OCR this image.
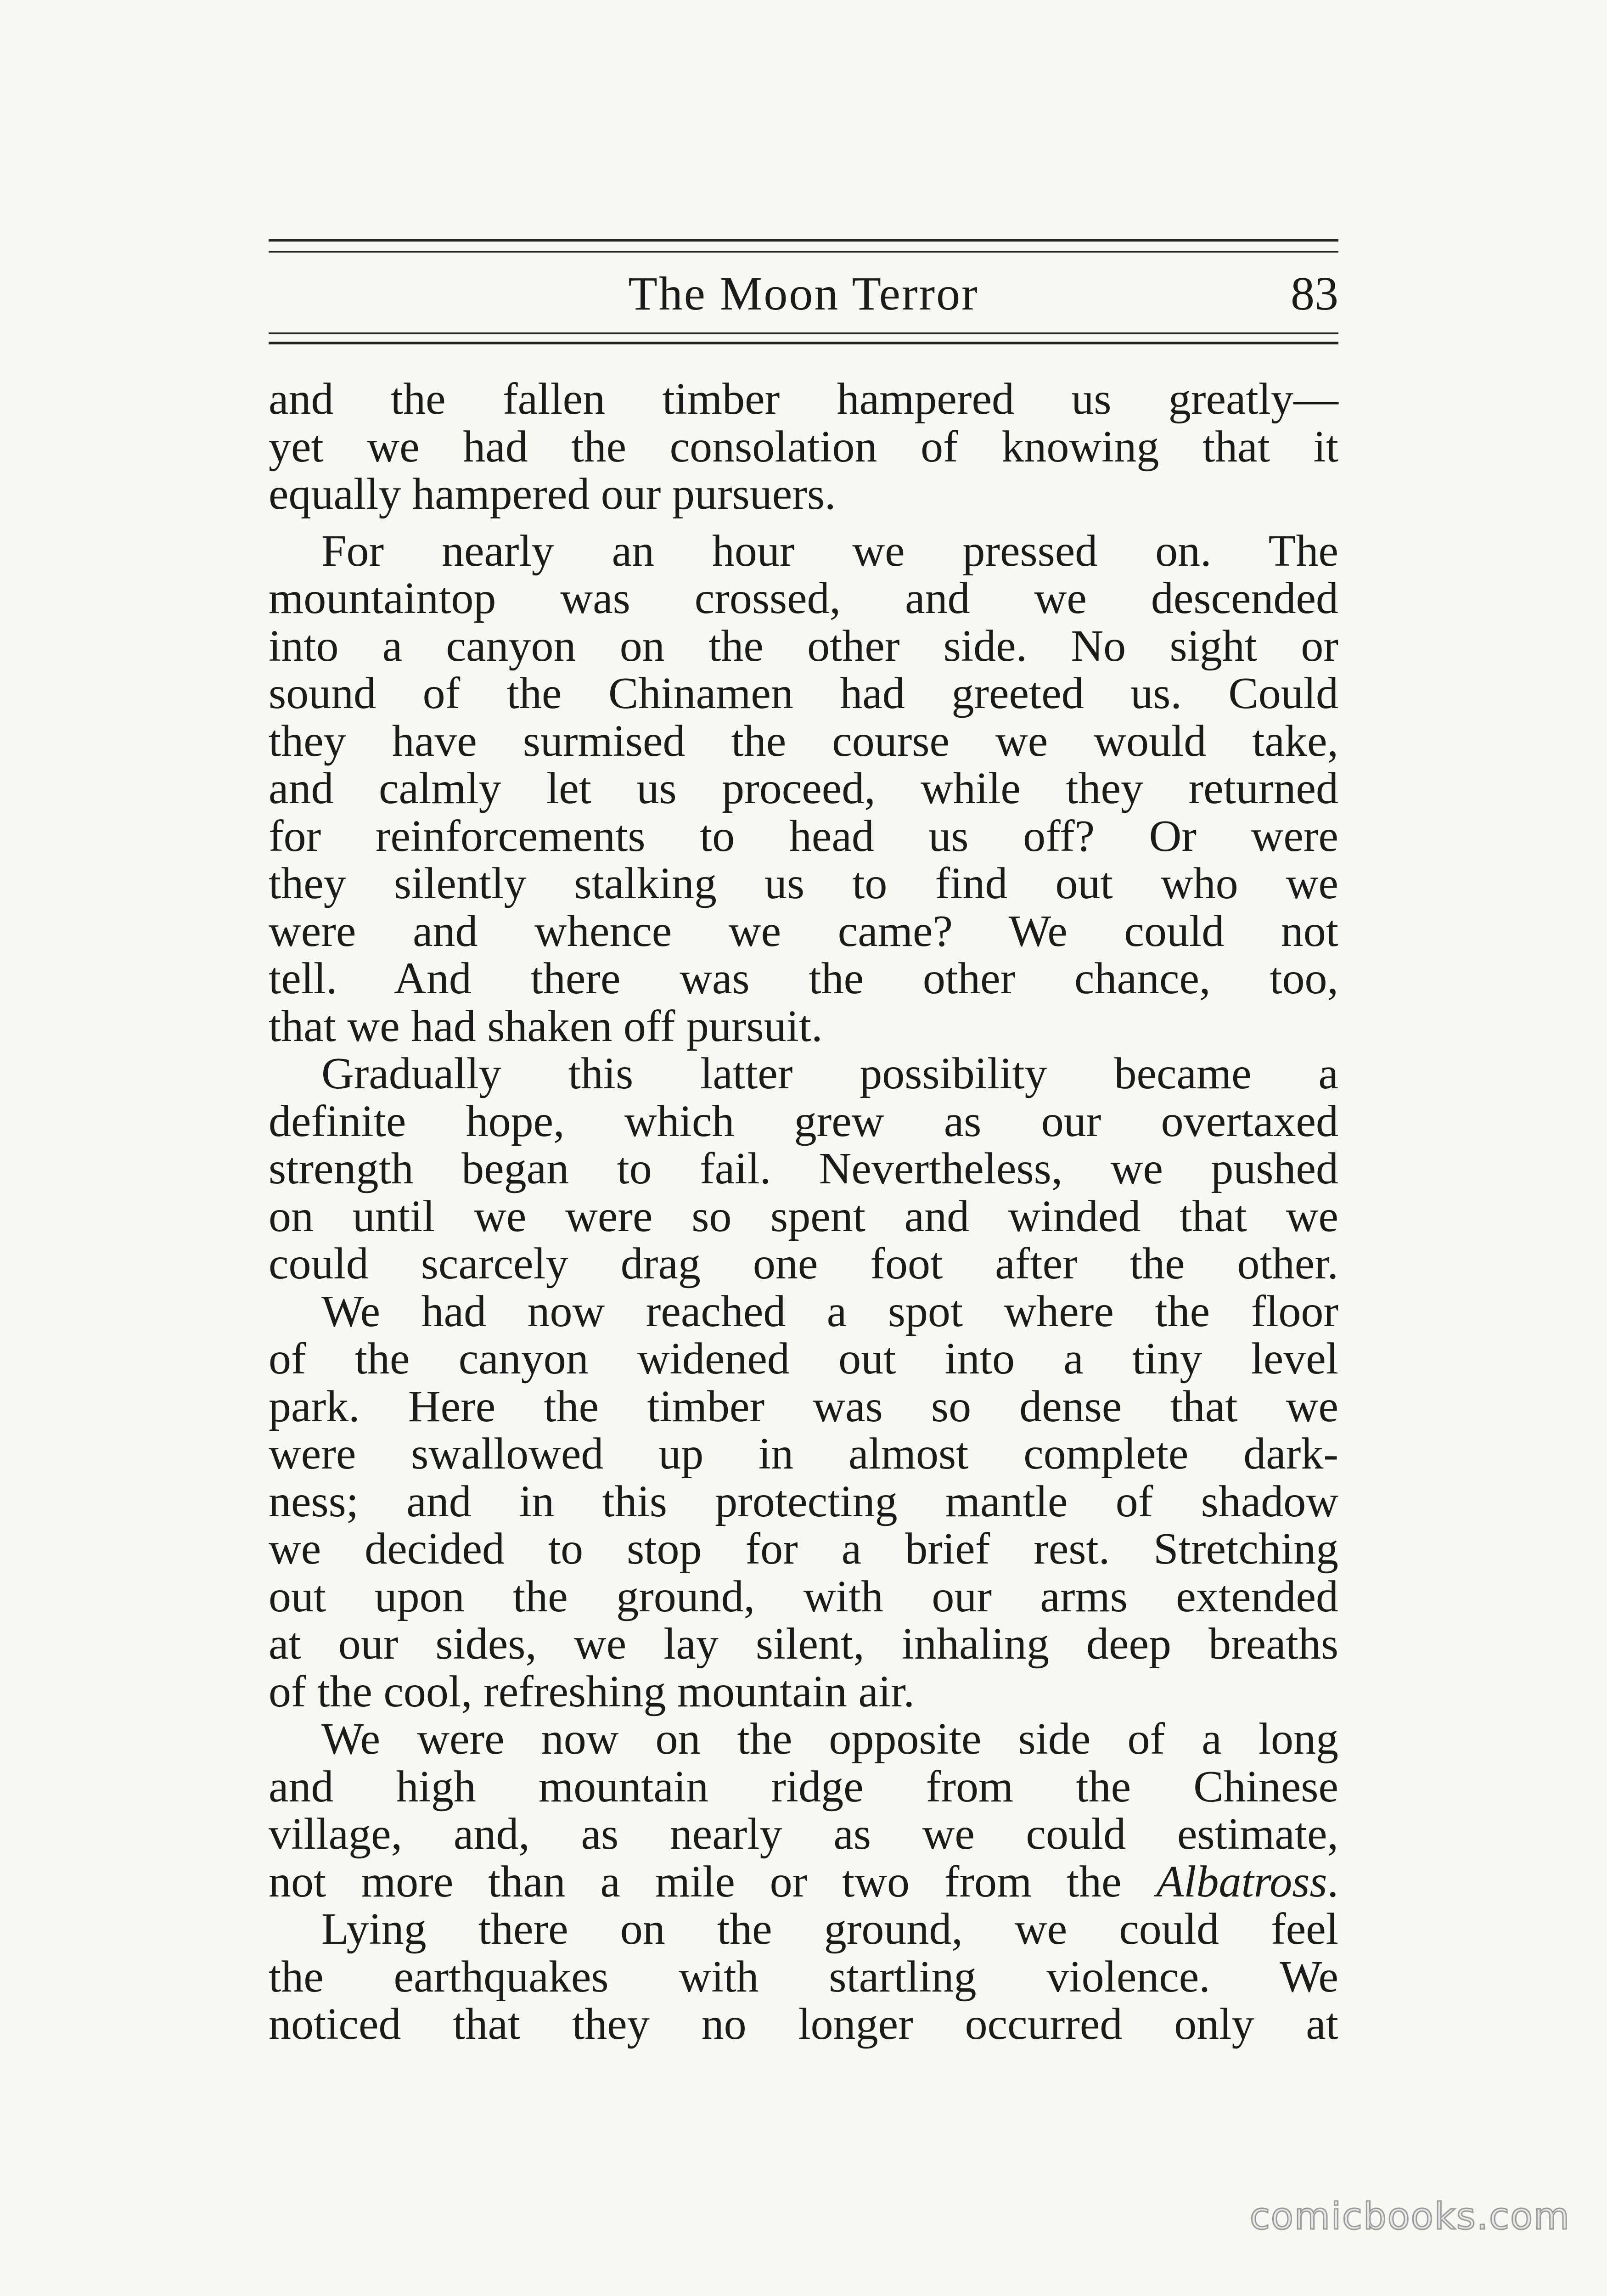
The Moon Terror	83
and the fallen timber hampered us greatly—
yet we had the consolation of knowing that it
equally hampered our pursuers.
For nearly an hour we pressed on. The
mountaintop was crossed, and we descended
into a canyon on the other side. No sight or
sound of the Chinamen had greeted us. Could
they have surmised the course we would take,
and calmly let us proceed, while they returned
for reinforcements to head us off? Or were
they silently stalking us to find out who we
were and whence we came? We could not
tell. And there was the other chance, too,
that we had shaken off pursuit.
Gradually this latter possibility became a
definite hope, which grew as our overtaxed
strength began to fail. Nevertheless, we pushed
on until we were so spent and winded that we
could scarcely drag one foot after the other.
We had now reached a spot where the floor
of the canyon widened out into a tiny level
park. Here the timber was so dense that we
were swallowed up in almost complete dark-
ness; and in this protecting mantle of shadow
we decided to stop for a brief rest. Stretching
out upon the ground, with our arms extended
at our sides, we lay silent, inhaling deep breaths
of the cool, refreshing mountain air.
We were now on the opposite side of a long
and high mountain ridge from the Chinese
village, and, as nearly as we could estimate,
not more than a mile or two from the Albatross.
Lying there on the ground, we could feel
the earthquakes with startling violence. We
noticed that they no longer occurred only at
comicbooks.com
